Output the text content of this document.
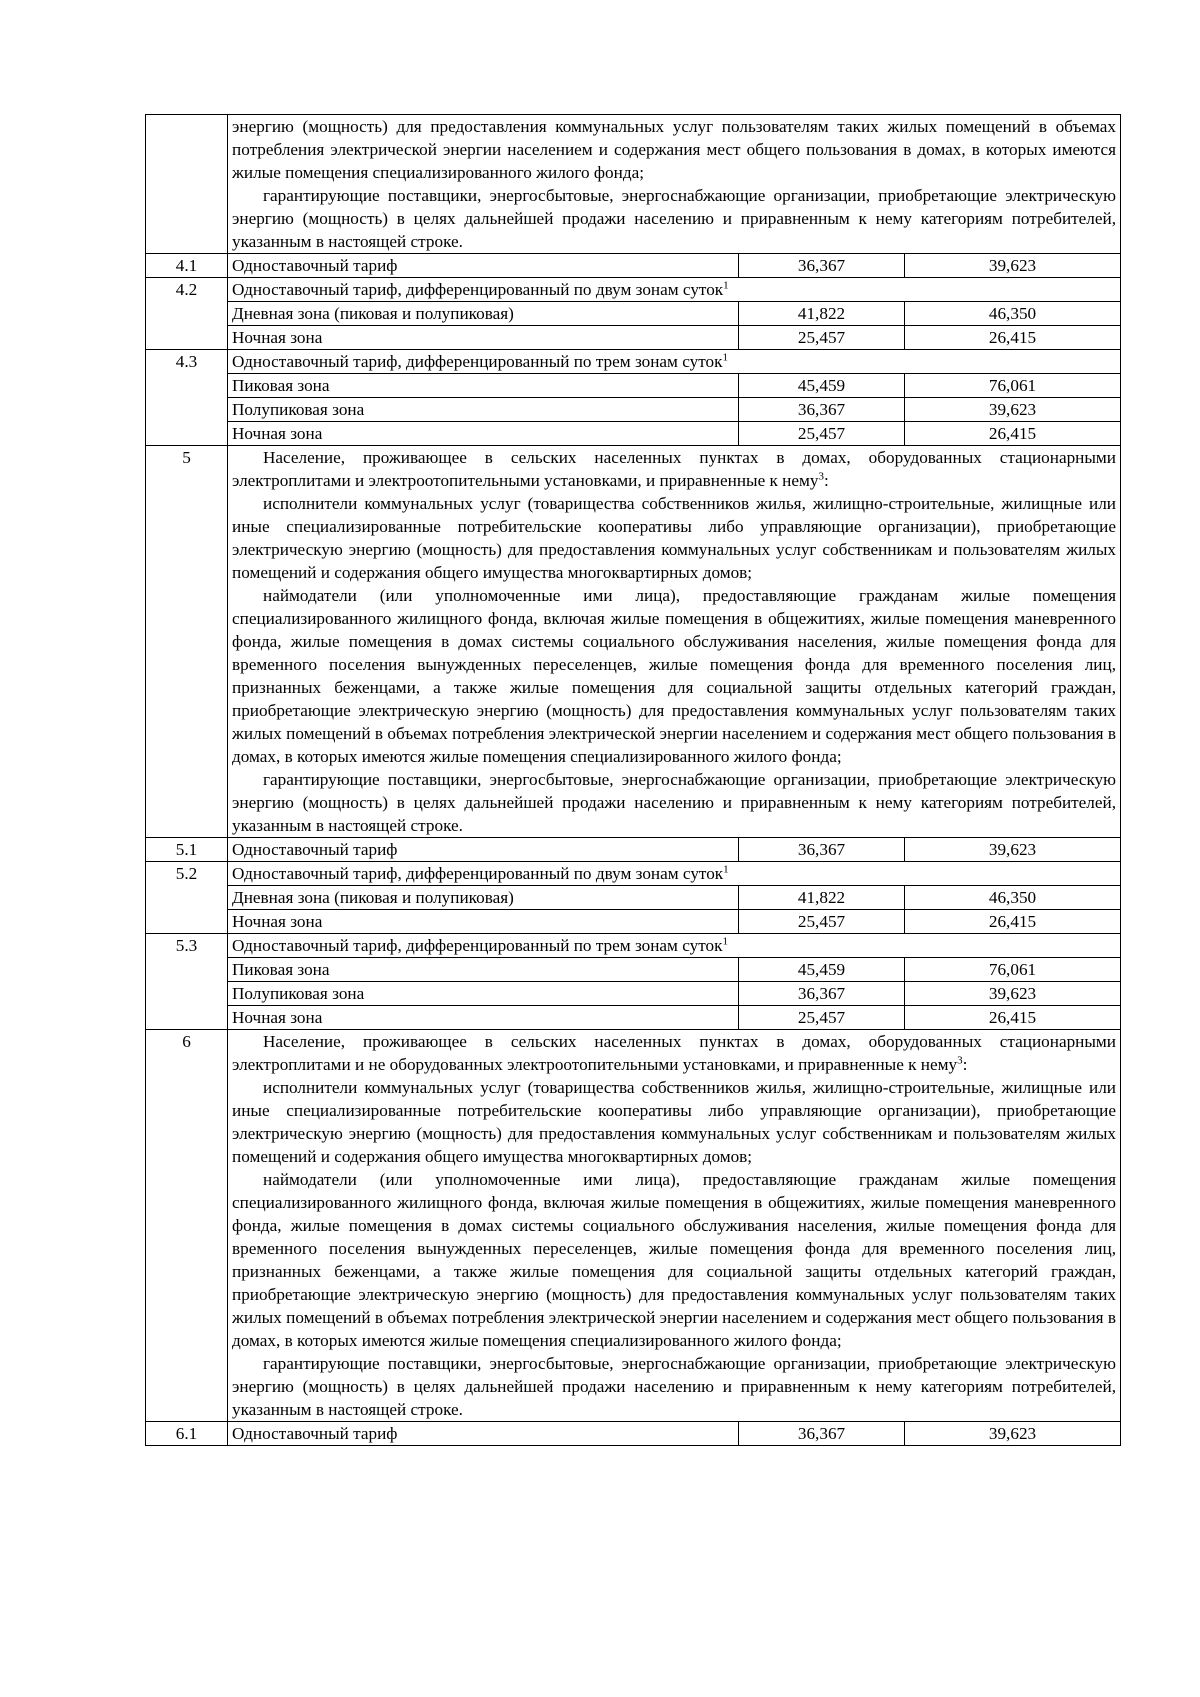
	энергию (мощность) для предоставления коммунальных услуг пользователям таких жилых помещений в объемах потребления электрической энергии населением и содержания мест общего пользования в домах, в которых имеются жилые помещения специализированного жилого фонда;

гарантирующие поставщики, энергосбытовые, энергоснабжающие организации, приобретающие электрическую энергию (мощность) в целях дальнейшей продажи населению и приравненным к нему категориям потребителей, указанным в настоящей строке.		

4.1	Одноставочный тариф	36,367	39,623
4.2	Одноставочный тариф, дифференцированный по двум зонам суток$^1$
	Дневная зона (пиковая и полупиковая)	41,822	46,350
	Ночная зона	25,457	26,415
4.3	Одноставочный тариф, дифференцированный по трем зонам суток$^1$
	Пиковая зона	45,459	76,061
	Полупиковая зона	36,367	39,623
	Ночная зона	25,457	26,415
5	Население, проживающее в сельских населенных пунктах в домах, оборудованных стационарными электроплитами и электроотопительными установками, и приравненные к нему$^3$:

исполнители коммунальных услуг (товарищества собственников жилья, жилищно-строительные, жилищные или иные специализированные потребительские кооперативы либо управляющие организации), приобретающие электрическую энергию (мощность) для предоставления коммунальных услуг собственникам и пользователям жилых помещений и содержания общего имущества многоквартирных домов;

наймодатели (или уполномоченные ими лица), предоставляющие гражданам жилые помещения специализированного жилищного фонда, включая жилые помещения в общежитиях, жилые помещения маневренного фонда, жилые помещения в домах системы социального обслуживания населения, жилые помещения фонда для временного поселения вынужденных переселенцев, жилые помещения фонда для временного поселения лиц, признанных беженцами, а также жилые помещения для социальной защиты отдельных категорий граждан, приобретающие электрическую энергию (мощность) для предоставления коммунальных услуг пользователям таких жилых помещений в объемах потребления электрической энергии населением и содержания мест общего пользования в домах, в которых имеются жилые помещения специализированного жилого фонда;

гарантирующие поставщики, энергосбытовые, энергоснабжающие организации, приобретающие электрическую энергию (мощность) в целях дальнейшей продажи населению и приравненным к нему категориям потребителей, указанным в настоящей строке.		

5.1	Одноставочный тариф	36,367	39,623
5.2	Одноставочный тариф, дифференцированный по двум зонам суток$^1$
	Дневная зона (пиковая и полупиковая)	41,822	46,350
	Ночная зона	25,457	26,415
5.3	Одноставочный тариф, дифференцированный по трем зонам суток$^1$
	Пиковая зона	45,459	76,061
	Полупиковая зона	36,367	39,623
	Ночная зона	25,457	26,415
6	Население, проживающее в сельских населенных пунктах в домах, оборудованных стационарными электроплитами и не оборудованных электроотопительными установками, и приравненные к нему$^3$:

исполнители коммунальных услуг (товарищества собственников жилья, жилищно-строительные, жилищные или иные специализированные потребительские кооперативы либо управляющие организации), приобретающие электрическую энергию (мощность) для предоставления коммунальных услуг собственникам и пользователям жилых помещений и содержания общего имущества многоквартирных домов;

наймодатели (или уполномоченные ими лица), предоставляющие гражданам жилые помещения специализированного жилищного фонда, включая жилые помещения в общежитиях, жилые помещения маневренного фонда, жилые помещения в домах системы социального обслуживания населения, жилые помещения фонда для временного поселения вынужденных переселенцев, жилые помещения фонда для временного поселения лиц, признанных беженцами, а также жилые помещения для социальной защиты отдельных категорий граждан, приобретающие электрическую энергию (мощность) для предоставления коммунальных услуг пользователям таких жилых помещений в объемах потребления электрической энергии населением и содержания мест общего пользования в домах, в которых имеются жилые помещения специализированного жилого фонда;

гарантирующие поставщики, энергосбытовые, энергоснабжающие организации, приобретающие электрическую энергию (мощность) в целях дальнейшей продажи населению и приравненным к нему категориям потребителей, указанным в настоящей строке.		

6.1	Одноставочный тариф	36,367	39,623
